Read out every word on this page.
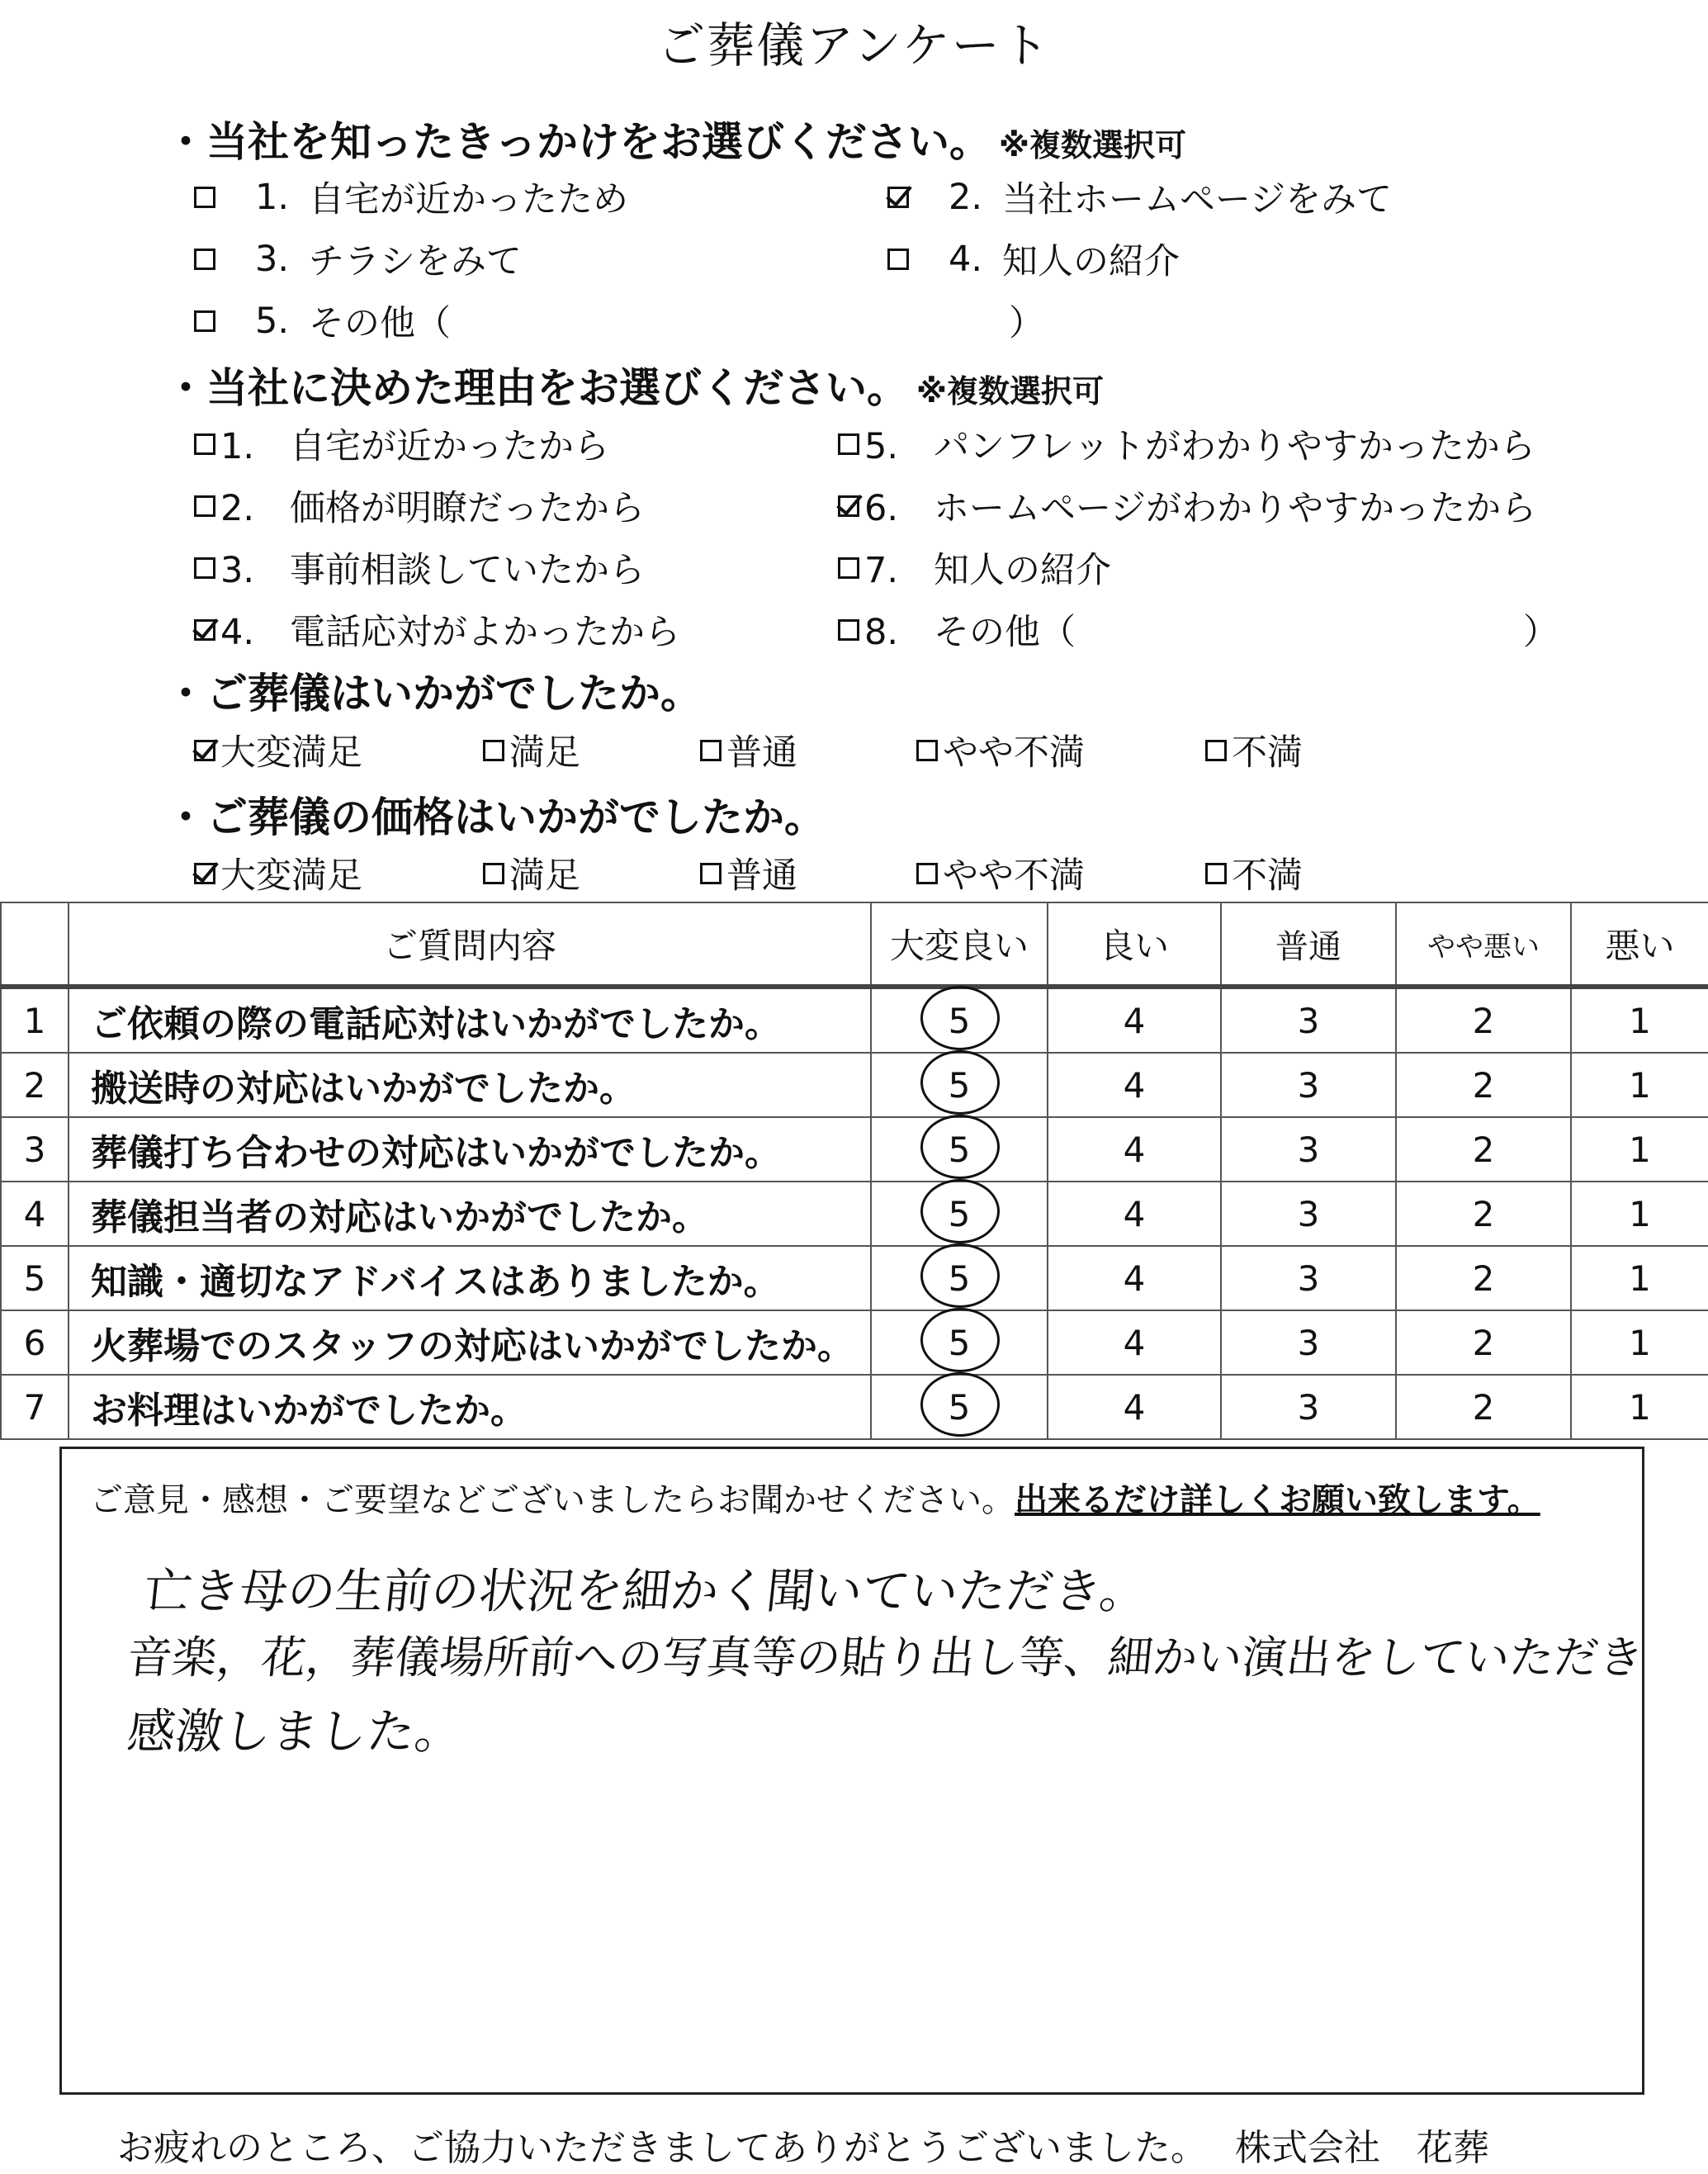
ご葬儀アンケート
・当社を知ったきっかけをお選びください。 ※複数選択可
1. 自宅が近かったため	2. 当社ホームページをみて
3. チラシをみて	4. 知人の紹介
5. その他（	）
・当社に決めた理由をお選びください。 ※複数選択可
1.　自宅が近かったから	5.　パンフレットがわかりやすかったから
2.　価格が明瞭だったから	6.　ホームページがわかりやすかったから
3.　事前相談していたから	7.　知人の紹介
4.　電話応対がよかったから	8.　その他（	）
・ご葬儀はいかがでしたか。
大変満足	満足	普通	やや不満	不満
・ご葬儀の価格はいかがでしたか。
大変満足	満足	普通	やや不満	不満
	ご質問内容	大変良い	良い	普通	やや悪い	悪い
1	ご依頼の際の電話応対はいかがでしたか。	5	4	3	2	1
2	搬送時の対応はいかがでしたか。	5	4	3	2	1
3	葬儀打ち合わせの対応はいかがでしたか。	5	4	3	2	1
4	葬儀担当者の対応はいかがでしたか。	5	4	3	2	1
5	知識・適切なアドバイスはありましたか。	5	4	3	2	1
6	火葬場でのスタッフの対応はいかがでしたか。	5	4	3	2	1
7	お料理はいかがでしたか。	5	4	3	2	1
ご意見・感想・ご要望などございましたらお聞かせください。出来るだけ詳しくお願い致します。
亡き母の生前の状況を細かく聞いていただき。
音楽，花，葬儀場所前への写真等の貼り出し等、細かい演出をしていただき
感激しました。
お疲れのところ、ご協力いただきましてありがとうございました。 株式会社　花葬
